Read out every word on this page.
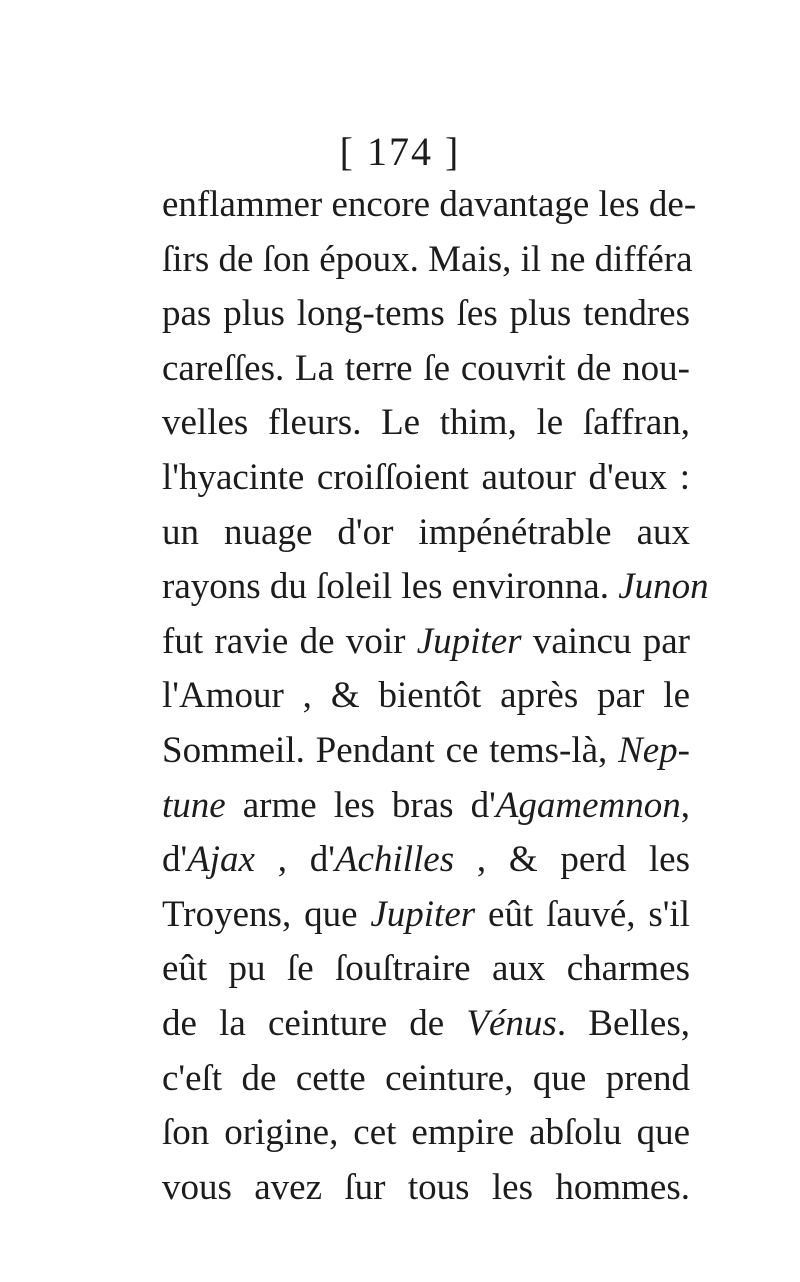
[ 174 ]
enflammer encore davantage les de-
ſirs de ſon époux. Mais, il ne différa
pas plus long-tems ſes plus tendres
careſſes. La terre ſe couvrit de nou-
velles fleurs. Le thim, le ſaffran,
l'hyacinte croiſſoient autour d'eux :
un nuage d'or impénétrable aux
rayons du ſoleil les environna. Junon
fut ravie de voir Jupiter vaincu par
l'Amour , & bientôt après par le
Sommeil. Pendant ce tems-là, Nep-
tune arme les bras d'Agamemnon,
d'Ajax , d'Achilles , & perd les
Troyens, que Jupiter eût ſauvé, s'il
eût pu ſe ſouſtraire aux charmes
de la ceinture de Vénus. Belles,
c'eſt de cette ceinture, que prend
ſon origine, cet empire abſolu que
vous avez ſur tous les hommes.
